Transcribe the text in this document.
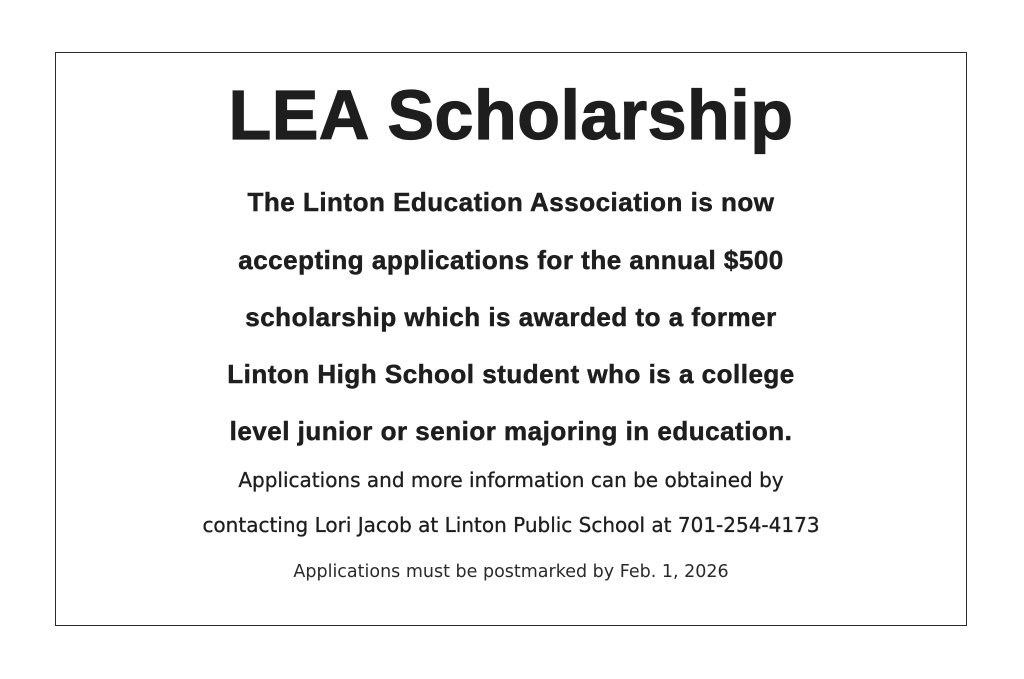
LEA Scholarship
The Linton Education Association is now
accepting applications for the annual $500
scholarship which is awarded to a former
Linton High School student who is a college
level junior or senior majoring in education.
Applications and more information can be obtained by
contacting Lori Jacob at Linton Public School at 701-254-4173
Applications must be postmarked by Feb. 1, 2026
